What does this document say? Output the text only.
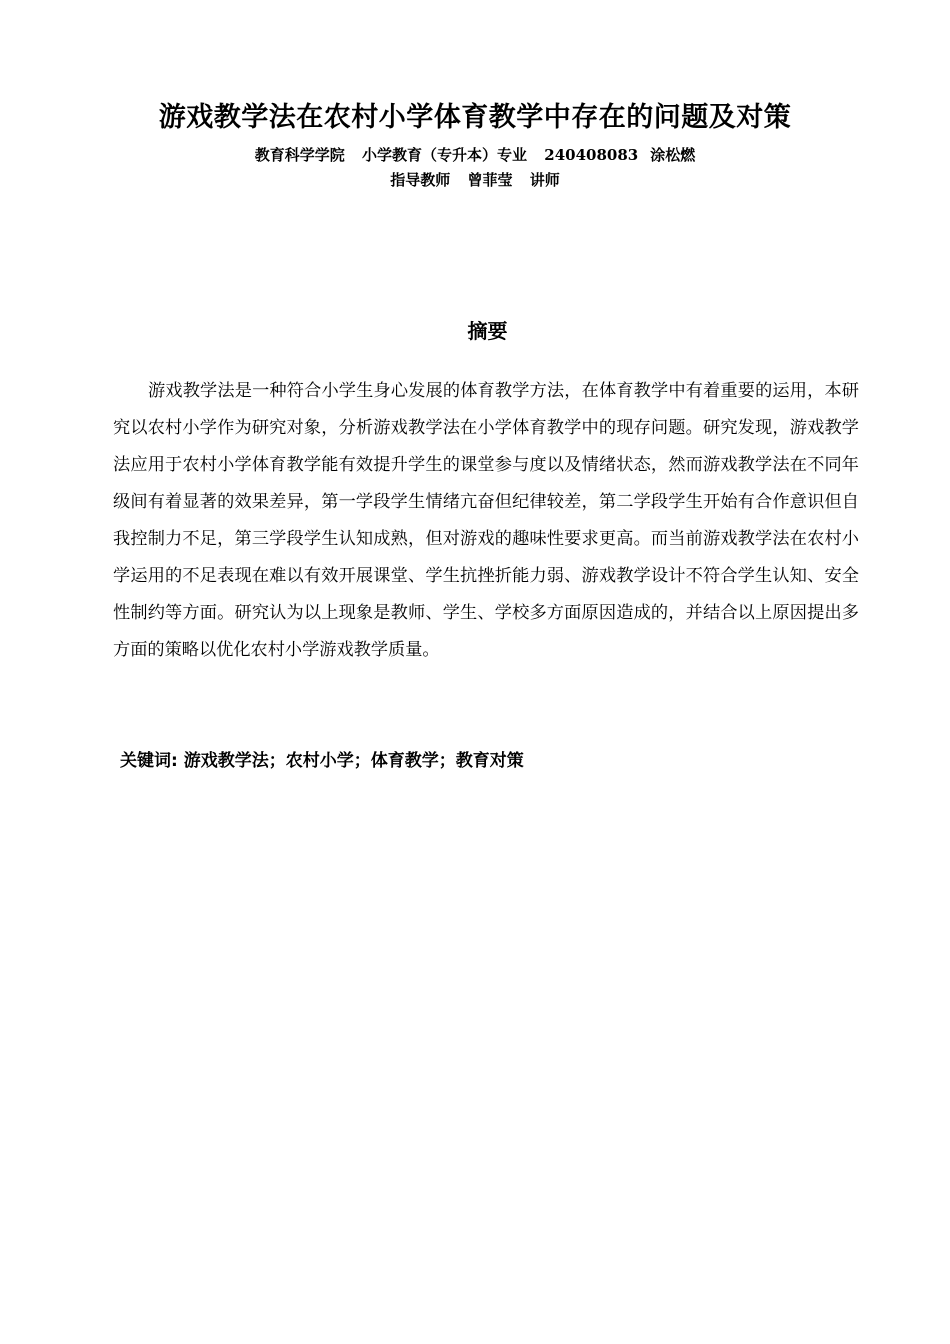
游戏教学法在农村小学体育教学中存在的问题及对策
教育科学学院 小学教育（专升本）专业 240408083 涂松燃
指导教师 曾菲莹 讲师
摘要

游戏教学法是一种符合小学生身心发展的体育教学方法，在体育教学中有着重要的运用，本研究以农村小学作为研究对象，分析游戏教学法在小学体育教学中的现存问题。研究发现，游戏教学法应用于农村小学体育教学能有效提升学生的课堂参与度以及情绪状态，然而游戏教学法在不同年级间有着显著的效果差异，第一学段学生情绪亢奋但纪律较差，第二学段学生开始有合作意识但自我控制力不足，第三学段学生认知成熟，但对游戏的趣味性要求更高。而当前游戏教学法在农村小学运用的不足表现在难以有效开展课堂、学生抗挫折能力弱、游戏教学设计不符合学生认知、安全性制约等方面。研究认为以上现象是教师、学生、学校多方面原因造成的，并结合以上原因提出多方面的策略以优化农村小学游戏教学质量。

关键词: 游戏教学法；农村小学；体育教学；教育对策
